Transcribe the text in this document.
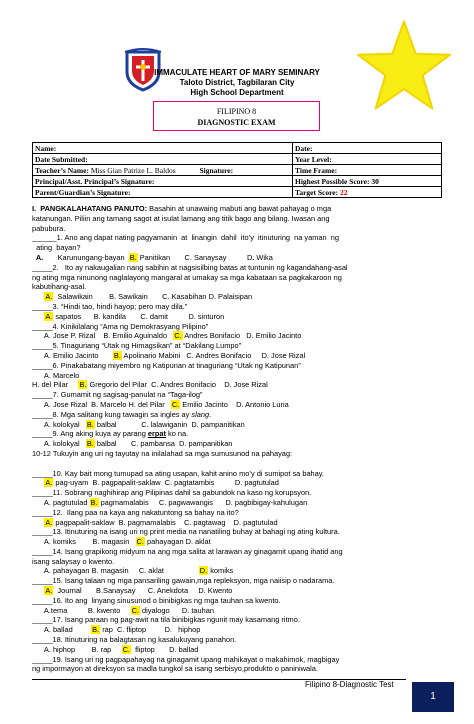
IMMACULATE HEART OF MARY SEMINARY
Taloto District, Tagbilaran City
High School Department
FILIPINO 8
DIAGNOSTIC EXAM
Name:	Date:
Date Submitted:	Year Level:
Teacher’s Name: Miss Gian Patrize L. Baldos Signature:	Time Frame:
Principal/Asst. Principal’s Signature:	Highest Possible Score: 30
Parent/Guardian’s Signature:	Target Score: 22
I.  PANGKALAHATANG PANUTO: Basahin at unawaing mabuti ang bawat pahayag o mga
katanungan. Piliin ang tamang sagot at isulat lamang ang titik bago ang bilang. Iwasan ang
pabubura.
______1. Ano ang dapat nating pagyamanin  at  linangin  dahil  ito’y  itinuturing  na yaman  ng
ating  bayan?
A.       Karunungang-bayan  B. Panitikan       C. Sanaysay          D. Wika
_____2.   Ito ay nakaugalian nang sabihin at nagsisilbing batas at tuntunin ng kagandahang-asal
ng ating mga ninunong naglalayong mangaral at umakay sa mga kabataan sa pagkakaroon ng
kabutihang-asal.
A.  Salawikain        B. Sawikain       C. Kasabihan D. Palaisipan
_____3. “Hindi tao, hindi hayop; pero may dila.”
A. sapatos      B. kandila       C. damit          D. sinturon
_____4. Kinikilalang “Ama ng Demokrasyang Pilipino”
A. Jose P. Rizal    B. Emilio Aguinaldo   C. Andres Bonifacio   D. Emilio Jacinto
_____5. Tinaguriang “Utak ng Himagsikan” at “Dakilang Lumpo”
A. Emilio Jacinto       B. Apolinario Mabini   C. Andres Bonifacio     D. Jose Rizal
_____6. Pinakabatang miyembro ng Katipunan at tinaguriang “Utak ng Katipunan”
A. Marcelo
H. del Pilar     B. Gregorio del Pilar  C. Andres Bonifacio    D. Jose Rizal
_____7. Gumamit ng sagisag-panulat na “Taga-ilog”
A. Jose Rizal  B. Marcelo H. del Pilar   C. Emilio Jacinto    D. Antonio Luna
_____8. Mga salitang kung tawagin sa ingles ay slang.
A. kolokyal   B. balbal            C. lalawiganin  D. pampanitikan
_____9. Ang aking kuya ay parang erpat ko na.
A. kolokyal   B. balbal       C. pambansa  D. pampanitikan
10-12 Tukuyin ang uri ng tayutay na inilalahad sa mga sumusunod na pahayag:
_____10. Kay bait mong tumupad sa ating usapan, kahit anino mo’y di sumipot sa bahay.
A. pag-uyam  B. pagpapalit-saklaw  C. pagtatambis          D. pagtutulad
_____11. Sobrang naghihirap ang Pilipinas dahil sa gabundok na kaso ng korupsyon.
A. pagtutulad B. pagmamalabis     C. pagwawangis      D. pagbibigay-kahulugan
_____12.  Ilang paa na kaya ang nakatuntong sa bahay na ito?
A. pagpapalit-saklaw  B. pagmamalabis    C. pagtawag    D. pagtutulad
_____13. Itinuturing na isang uri ng print media na nanatiling buhay at bahagi ng ating kultura.
A. komiks        B. magasin   C. pahayagan D. aklat
_____14. Isang grapikong midyum na ang mga salita at larawan ay ginagamit upang ihatid ang
isang salaysay o kwento.
A. pahayagan B. magasin     C. aklat                 D. komiks
_____15. Isang talaan ng mga pansariling gawain,mga repleksyon, mga naiisip o nadarama.
A.  Journal       B.Sanaysay      C. Anekdota     D. Kwento
_____16. Ito ang  linyang sinusunod o binibigkas ng mga tauhan sa kwento.
A.tema          B. kwento     C. diyalogo      D. tauhan
_____17. Isang paraan ng pag-awit na tila binibigkas ngunit may kasamang ritmo.
A. ballad         B. rap  C. fliptop         D.   hiphop
_____18. Itinuturing na balagtasan ng kasalukuyang panahon.
A. hiphop        B. rap     C.  fliptop       D. ballad
_____19. Isang uri ng pagpapahayag na ginagamit upang mahikayat o makahimok, magbigay
ng impormayon at direksyon sa madla tungkol sa isang serbisyo,produkto o paniniwala.
Filipino 8-Diagnostic Test
1
